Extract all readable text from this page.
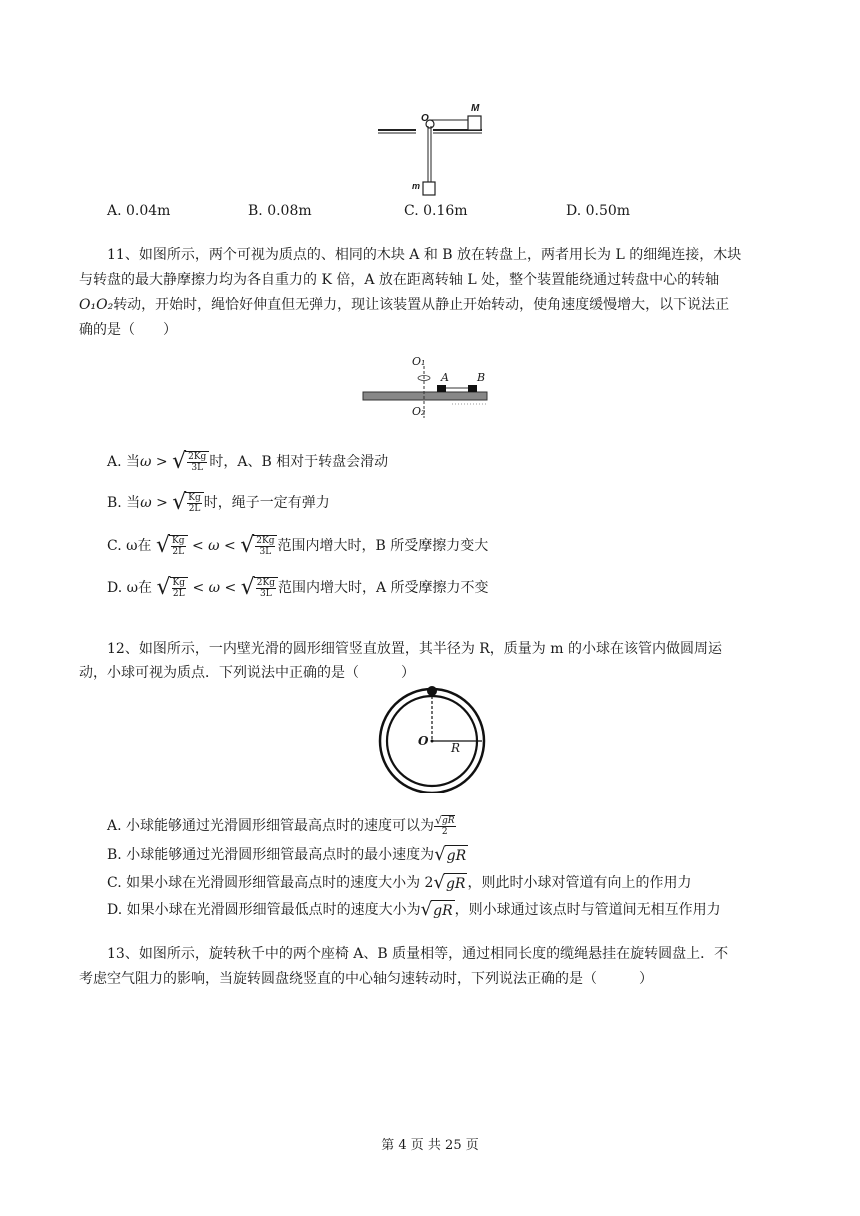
O
M
m
A. 0.04m	B. 0.08m	C. 0.16m	D. 0.50m
11、如图所示，两个可视为质点的、相同的木块 A 和 B 放在转盘上，两者用长为 L 的细绳连接，木块
与转盘的最大静摩擦力均为各自重力的 K 倍，A 放在距离转轴 L 处，整个装置能绕通过转盘中心的转轴
O₁O₂转动，开始时，绳恰好伸直但无弹力，现让该装置从静止开始转动，使角速度缓慢增大，以下说法正
确的是（　　）
O₁
A	B
O₂
A. 当ω > √ $\frac{2Kg}{3L}$ 时，A、B 相对于转盘会滑动
B. 当ω > √ $\frac{Kg}{2L}$ 时，绳子一定有弹力
C. ω在 √ $\frac{Kg}{2L} < \omega$ < √ $\frac{2Kg}{3L}$ 范围内增大时，B 所受摩擦力变大
D. ω在 √ $\frac{Kg}{2L} < \omega$ < √ $\frac{2Kg}{3L}$ 范围内增大时，A 所受摩擦力不变
12、如图所示，一内壁光滑的圆形细管竖直放置，其半径为 R，质量为 m 的小球在该管内做圆周运
动，小球可视为质点．下列说法中正确的是（　　　）
O R
A. 小球能够通过光滑圆形细管最高点时的速度可以为 $\frac{√ gR}{2}$
B. 小球能够通过光滑圆形细管最高点时的最小速度为 √ gR
C. 如果小球在光滑圆形细管最高点时的速度大小为 2 √ gR ，则此时小球对管道有向上的作用力
D. 如果小球在光滑圆形细管最低点时的速度大小为 √ gR ，则小球通过该点时与管道间无相互作用力
13、如图所示，旋转秋千中的两个座椅 A、B 质量相等，通过相同长度的缆绳悬挂在旋转圆盘上．不
考虑空气阻力的影响，当旋转圆盘绕竖直的中心轴匀速转动时，下列说法正确的是（　　　）
第 4 页 共 25 页
